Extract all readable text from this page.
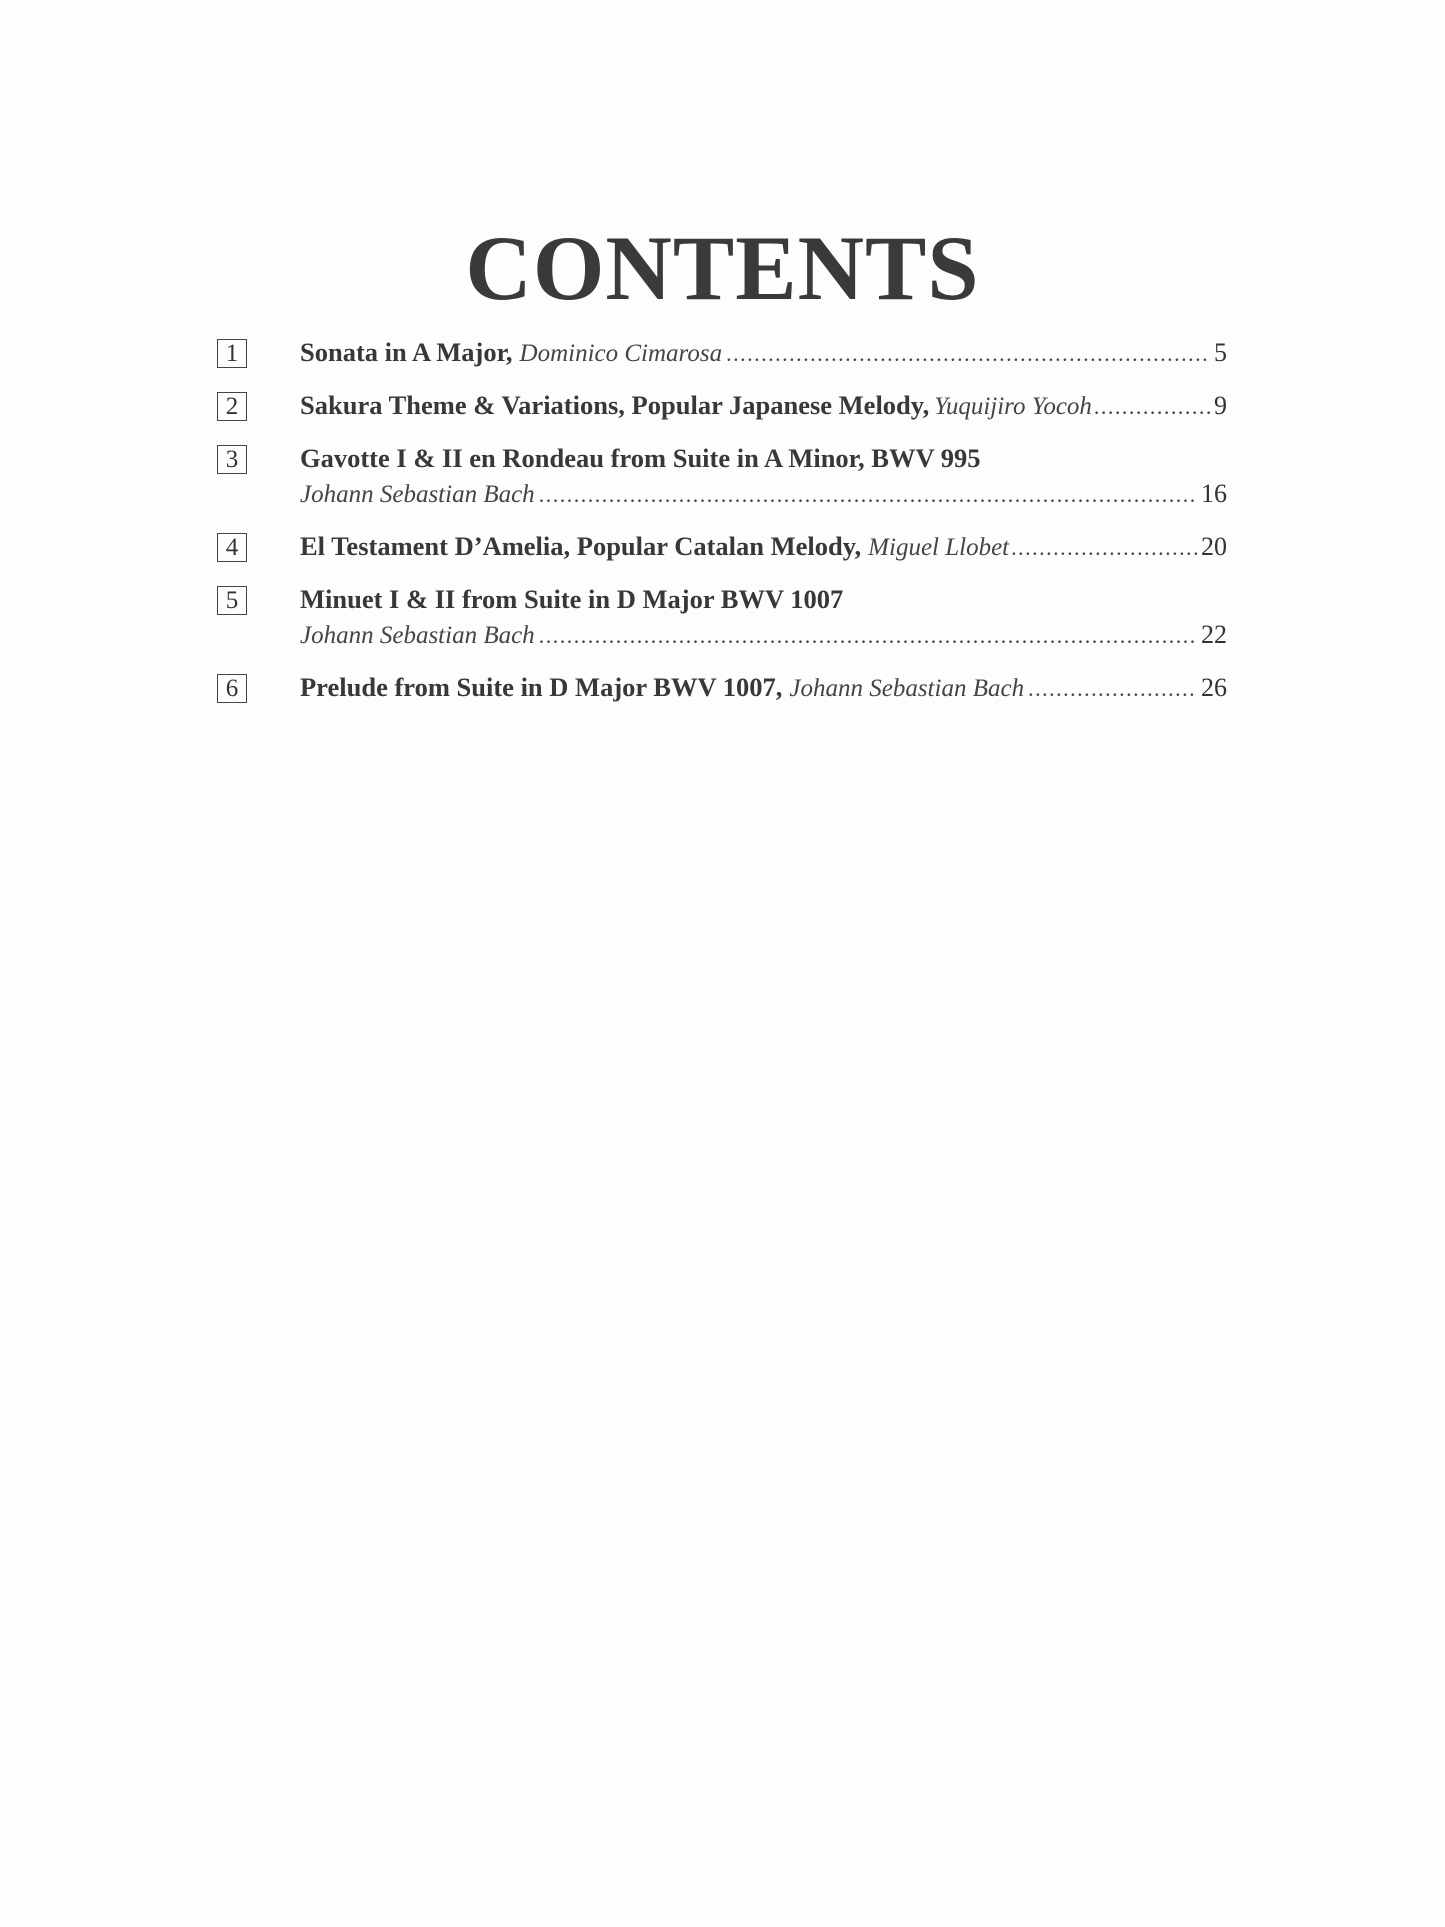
CONTENTS
1	Sonata in A Major, Dominico Cimarosa .....	5
2	Sakura Theme & Variations, Popular Japanese Melody, Yuquijiro Yocoh .....	9
3	Gavotte I & II en Rondeau from Suite in A Minor, BWV 995
Johann Sebastian Bach .....	16
4	El Testament D’Amelia, Popular Catalan Melody, Miguel Llobet .....	20
5	Minuet I & II from Suite in D Major BWV 1007
Johann Sebastian Bach .....	22
6	Prelude from Suite in D Major BWV 1007, Johann Sebastian Bach .....	26
